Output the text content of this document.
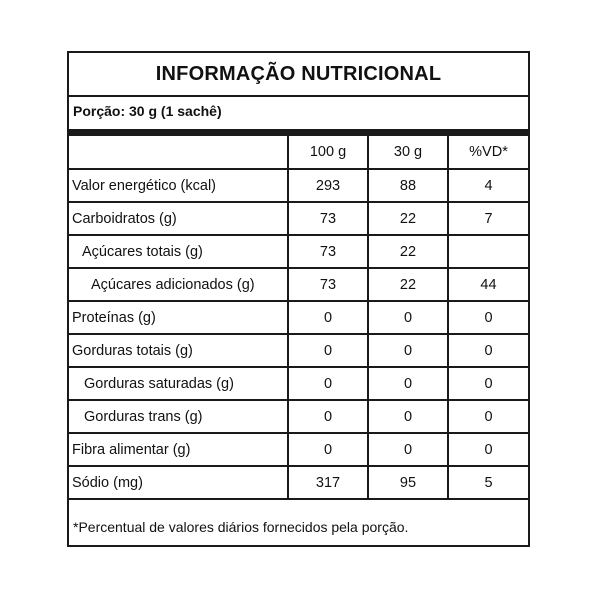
INFORMAÇÃO NUTRICIONAL
Porção: 30 g (1 sachê)
	100 g	30 g	%VD*
Valor energético (kcal)	293	88	4
Carboidratos (g)	73	22	7
Açúcares totais (g)	73	22	
Açúcares adicionados (g)	73	22	44
Proteínas (g)	0	0	0
Gorduras totais (g)	0	0	0
Gorduras saturadas (g)	0	0	0
Gorduras trans (g)	0	0	0
Fibra alimentar (g)	0	0	0
Sódio (mg)	317	95	5
*Percentual de valores diários fornecidos pela porção.
